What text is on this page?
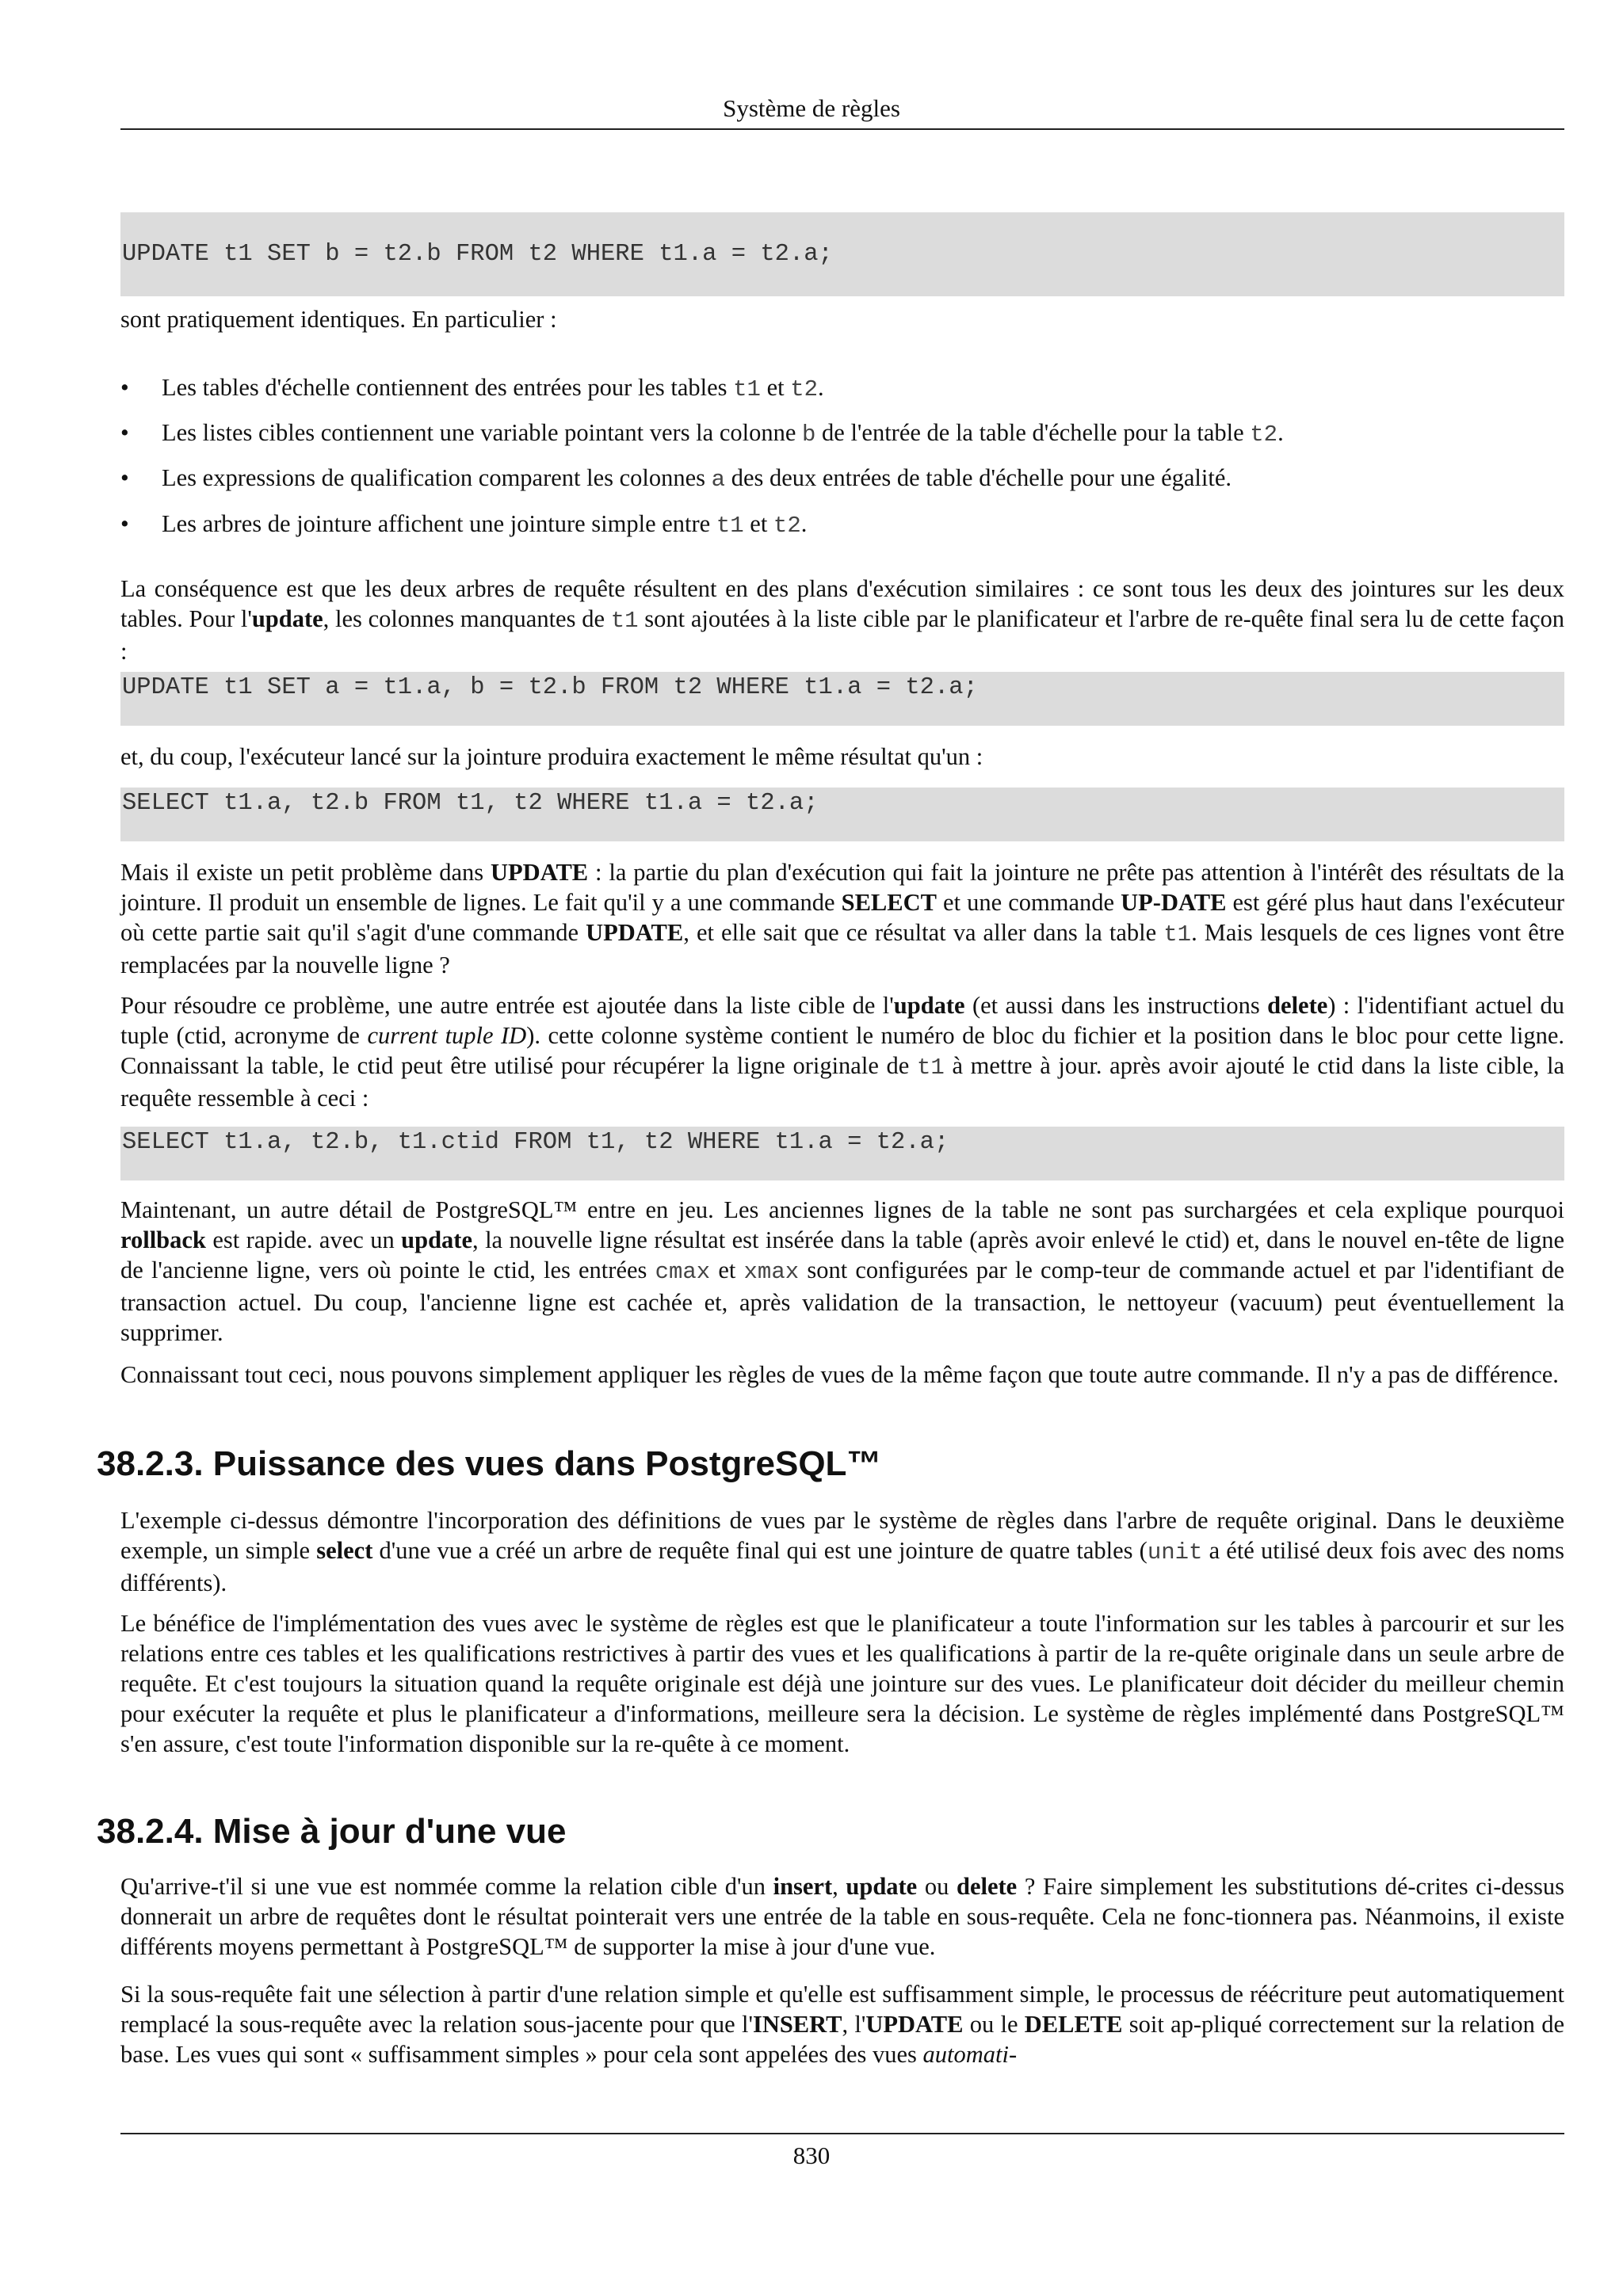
Système de règles
UPDATE t1 SET b = t2.b FROM t2 WHERE t1.a = t2.a;

sont pratiquement identiques. En particulier :

• Les tables d'échelle contiennent des entrées pour les tables t1 et t2.
• Les listes cibles contiennent une variable pointant vers la colonne b de l'entrée de la table d'échelle pour la table t2.
• Les expressions de qualification comparent les colonnes a des deux entrées de table d'échelle pour une égalité.
• Les arbres de jointure affichent une jointure simple entre t1 et t2.

La conséquence est que les deux arbres de requête résultent en des plans d'exécution similaires : ce sont tous les deux des jointures sur les deux tables. Pour l'update, les colonnes manquantes de t1 sont ajoutées à la liste cible par le planificateur et l'arbre de re-quête final sera lu de cette façon :

UPDATE t1 SET a = t1.a, b = t2.b FROM t2 WHERE t1.a = t2.a;

et, du coup, l'exécuteur lancé sur la jointure produira exactement le même résultat qu'un :

SELECT t1.a, t2.b FROM t1, t2 WHERE t1.a = t2.a;

Mais il existe un petit problème dans UPDATE : la partie du plan d'exécution qui fait la jointure ne prête pas attention à l'intérêt des résultats de la jointure. Il produit un ensemble de lignes. Le fait qu'il y a une commande SELECT et une commande UP-DATE est géré plus haut dans l'exécuteur où cette partie sait qu'il s'agit d'une commande UPDATE, et elle sait que ce résultat va aller dans la table t1. Mais lesquels de ces lignes vont être remplacées par la nouvelle ligne ?

Pour résoudre ce problème, une autre entrée est ajoutée dans la liste cible de l'update (et aussi dans les instructions delete) : l'identifiant actuel du tuple (ctid, acronyme de current tuple ID). cette colonne système contient le numéro de bloc du fichier et la position dans le bloc pour cette ligne. Connaissant la table, le ctid peut être utilisé pour récupérer la ligne originale de t1 à mettre à jour. après avoir ajouté le ctid dans la liste cible, la requête ressemble à ceci :

SELECT t1.a, t2.b, t1.ctid FROM t1, t2 WHERE t1.a = t2.a;

Maintenant, un autre détail de PostgreSQL™ entre en jeu. Les anciennes lignes de la table ne sont pas surchargées et cela explique pourquoi rollback est rapide. avec un update, la nouvelle ligne résultat est insérée dans la table (après avoir enlevé le ctid) et, dans le nouvel en-tête de ligne de l'ancienne ligne, vers où pointe le ctid, les entrées cmax et xmax sont configurées par le comp-teur de commande actuel et par l'identifiant de transaction actuel. Du coup, l'ancienne ligne est cachée et, après validation de la transaction, le nettoyeur (vacuum) peut éventuellement la supprimer.

Connaissant tout ceci, nous pouvons simplement appliquer les règles de vues de la même façon que toute autre commande. Il n'y a pas de différence.

38.2.3. Puissance des vues dans PostgreSQL™

L'exemple ci-dessus démontre l'incorporation des définitions de vues par le système de règles dans l'arbre de requête original. Dans le deuxième exemple, un simple select d'une vue a créé un arbre de requête final qui est une jointure de quatre tables (unit a été utilisé deux fois avec des noms différents).

Le bénéfice de l'implémentation des vues avec le système de règles est que le planificateur a toute l'information sur les tables à parcourir et sur les relations entre ces tables et les qualifications restrictives à partir des vues et les qualifications à partir de la re-quête originale dans un seule arbre de requête. Et c'est toujours la situation quand la requête originale est déjà une jointure sur des vues. Le planificateur doit décider du meilleur chemin pour exécuter la requête et plus le planificateur a d'informations, meilleure sera la décision. Le système de règles implémenté dans PostgreSQL™ s'en assure, c'est toute l'information disponible sur la re-quête à ce moment.

38.2.4. Mise à jour d'une vue

Qu'arrive-t'il si une vue est nommée comme la relation cible d'un insert, update ou delete ? Faire simplement les substitutions dé-crites ci-dessus donnerait un arbre de requêtes dont le résultat pointerait vers une entrée de la table en sous-requête. Cela ne fonc-tionnera pas. Néanmoins, il existe différents moyens permettant à PostgreSQL™ de supporter la mise à jour d'une vue.

Si la sous-requête fait une sélection à partir d'une relation simple et qu'elle est suffisamment simple, le processus de réécriture peut automatiquement remplacé la sous-requête avec la relation sous-jacente pour que l'INSERT, l'UPDATE ou le DELETE soit ap-pliqué correctement sur la relation de base. Les vues qui sont « suffisamment simples » pour cela sont appelées des vues automati-

830
